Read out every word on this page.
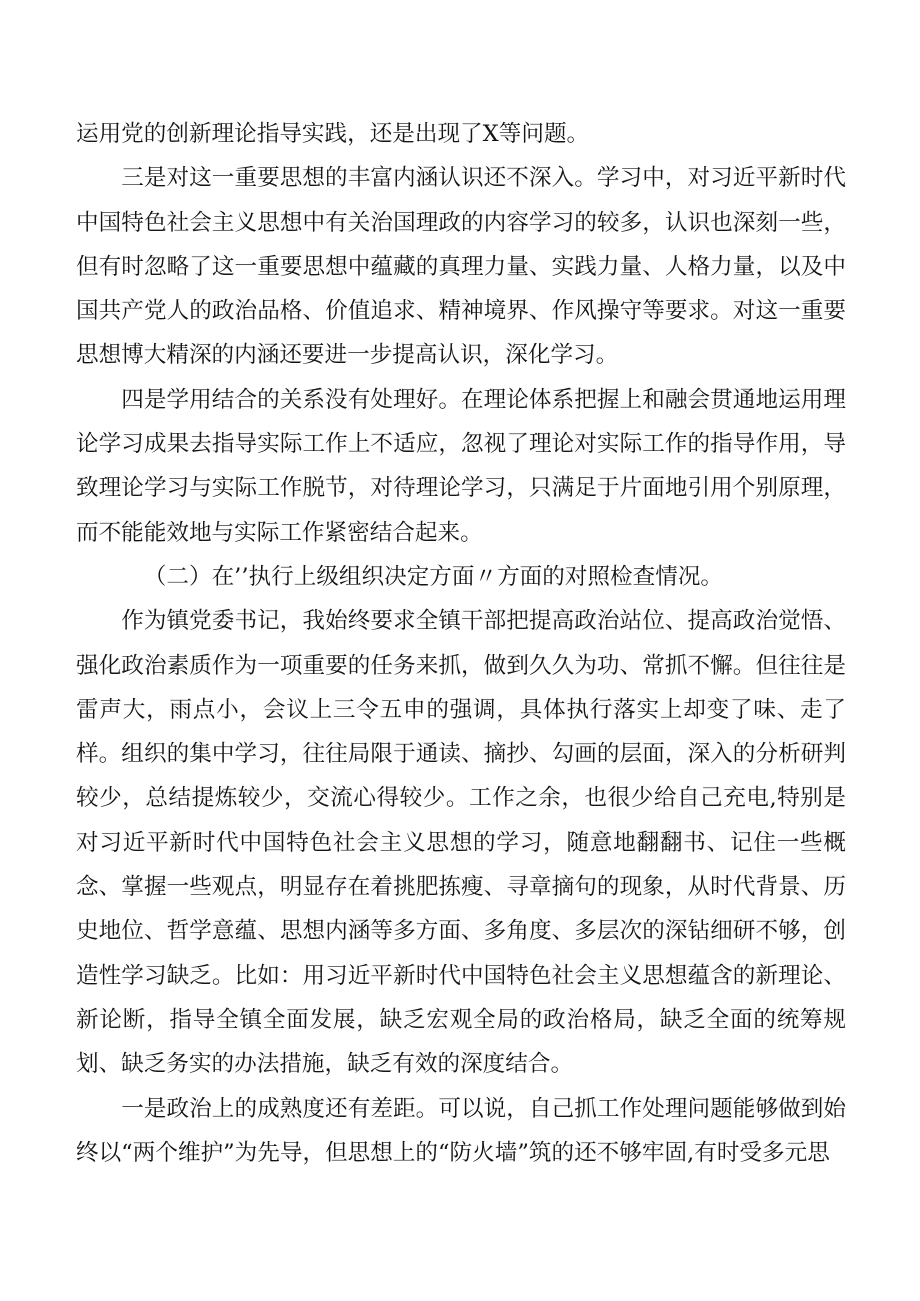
运用党的创新理论指导实践，还是出现了X等问题。

三是对这一重要思想的丰富内涵认识还不深入。学习中，对习近平新时代中国特色社会主义思想中有关治国理政的内容学习的较多，认识也深刻一些，但有时忽略了这一重要思想中蕴藏的真理力量、实践力量、人格力量，以及中国共产党人的政治品格、价值追求、精神境界、作风操守等要求。对这一重要思想博大精深的内涵还要进一步提高认识，深化学习。

四是学用结合的关系没有处理好。在理论体系把握上和融会贯通地运用理论学习成果去指导实际工作上不适应，忽视了理论对实际工作的指导作用，导致理论学习与实际工作脱节，对待理论学习，只满足于片面地引用个别原理，而不能能效地与实际工作紧密结合起来。

（二）在’’执行上级组织决定方面〃方面的对照检查情况。

作为镇党委书记，我始终要求全镇干部把提高政治站位、提高政治觉悟、强化政治素质作为一项重要的任务来抓，做到久久为功、常抓不懈。但往往是雷声大，雨点小，会议上三令五申的强调，具体执行落实上却变了味、走了样。组织的集中学习，往往局限于通读、摘抄、勾画的层面，深入的分析研判较少，总结提炼较少，交流心得较少。工作之余，也很少给自己充电,特别是对习近平新时代中国特色社会主义思想的学习，随意地翻翻书、记住一些概念、掌握一些观点，明显存在着挑肥拣瘦、寻章摘句的现象，从时代背景、历史地位、哲学意蕴、思想内涵等多方面、多角度、多层次的深钻细研不够，创造性学习缺乏。比如：用习近平新时代中国特色社会主义思想蕴含的新理论、新论断，指导全镇全面发展，缺乏宏观全局的政治格局，缺乏全面的统筹规划、缺乏务实的办法措施，缺乏有效的深度结合。

一是政治上的成熟度还有差距。可以说，自己抓工作处理问题能够做到始终以“两个维护”为先导，但思想上的“防火墙”筑的还不够牢固,有时受多元思
